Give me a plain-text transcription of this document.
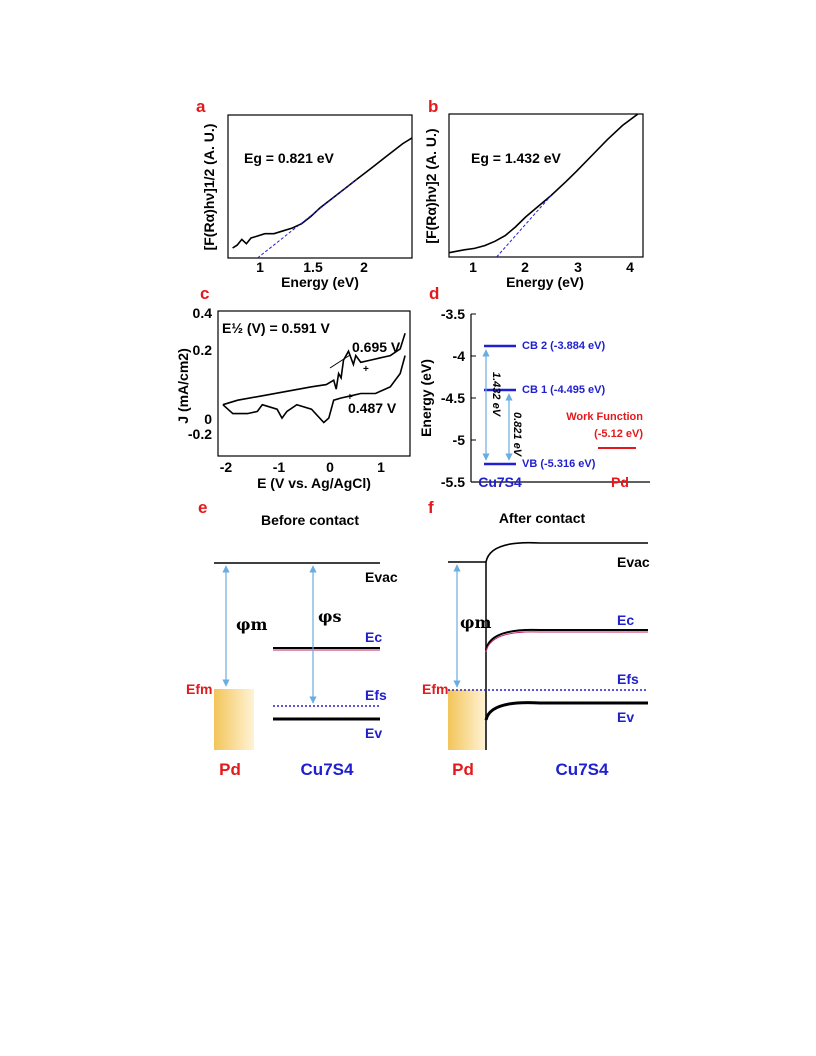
a
1	1.5	2
Energy (eV)
[F(Rα)hν]1/2 (A. U.) Eg = 0.821 eV
b
1	2	3	4
Energy (eV)
[F(Rα)hν]2 (A. U.) Eg = 1.432 eV
c
0.4
0.2
0
-0.2
-2	-1	0	1
E (V vs. Ag/AgCl)
J (mA/cm2)
E½ (V) = 0.591 V
0.695 V
0.487 V
+
+
d
-3.5
-4
-4.5
-5
-5.5
Energy (eV)
CB 2 (-3.884 eV)
CB 1 (-4.495 eV)
VB (-5.316 eV)
Work Function
(-5.12 eV)
1.432 eV
0.821 eV
Cu7S4	Pd
e
Before contact
Evac
Efm
φm	φs
Ec
Efs
Ev
Pd	Cu7S4
f
After contact
Efm
φm
Evac
Ec
Efs
Ev
Pd	Cu7S4
